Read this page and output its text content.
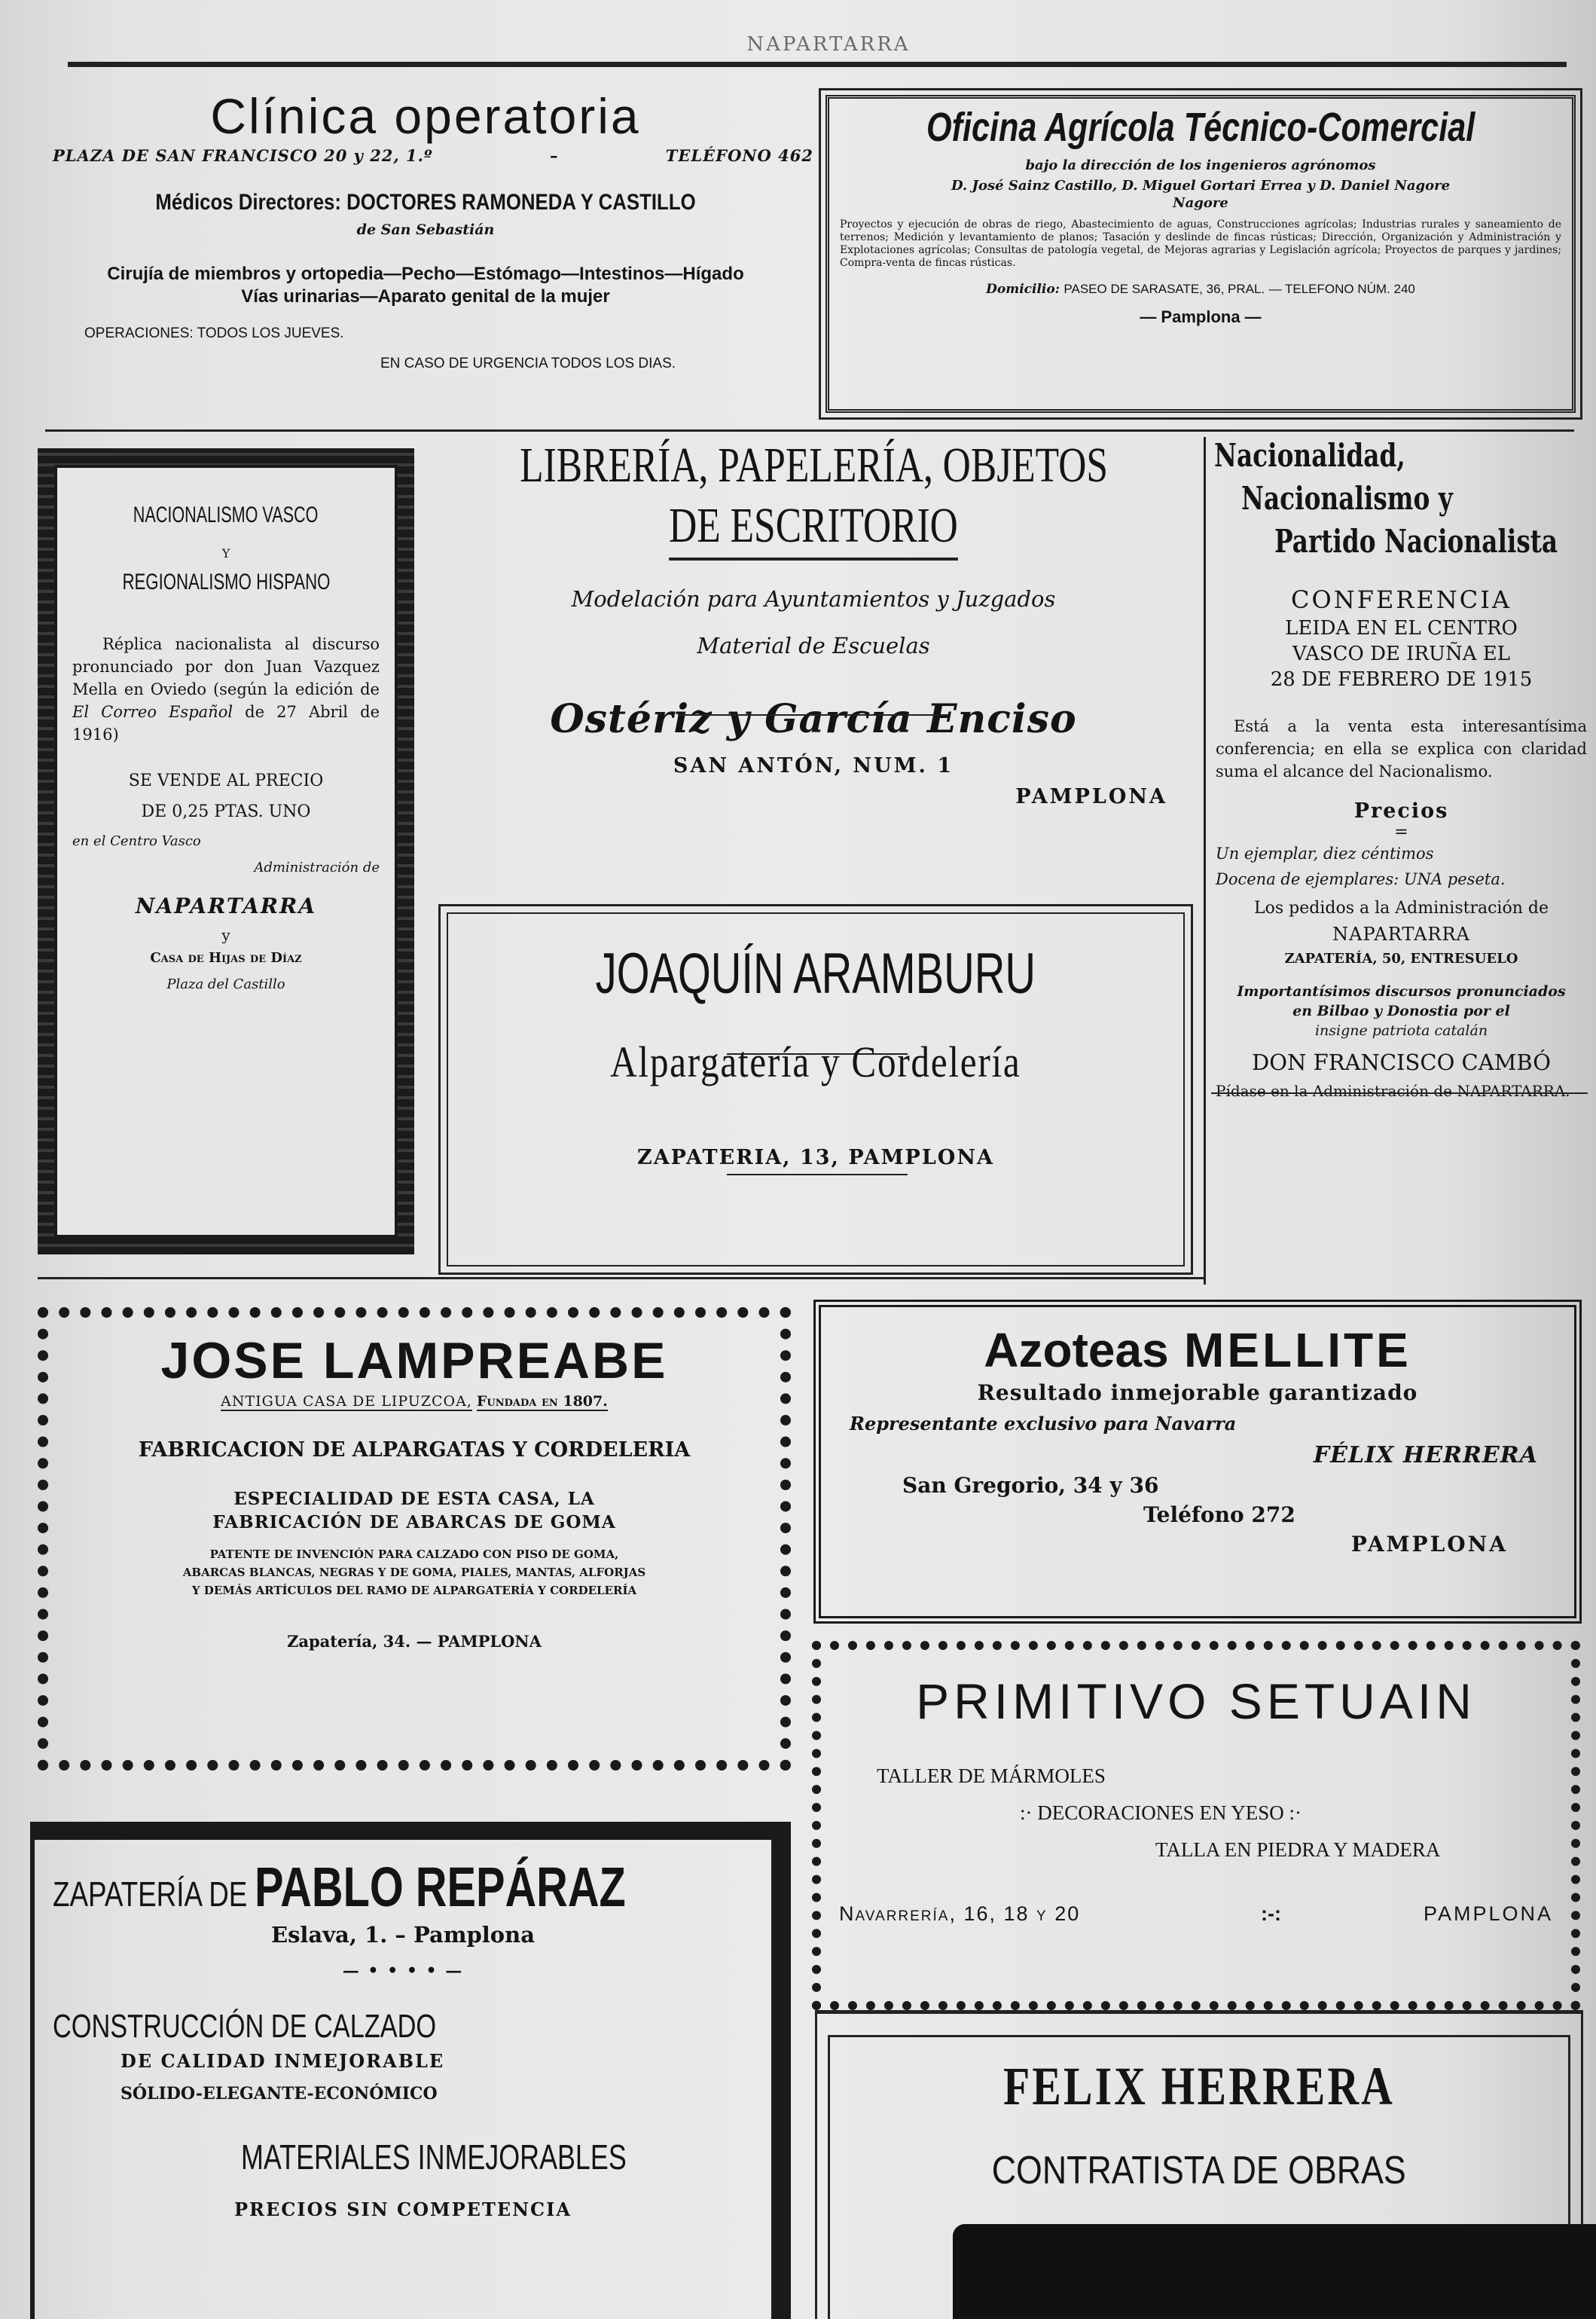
NAPARTARRA
Clínica operatoria
PLAZA DE SAN FRANCISCO 20 y 22, 1.º	–	TELÉFONO 462
Médicos Directores: DOCTORES RAMONEDA Y CASTILLO
de San Sebastián
Cirujía de miembros y ortopedia—Pecho—Estómago—Intestinos—Hígado
Vías urinarias—Aparato genital de la mujer
OPERACIONES: TODOS LOS JUEVES.
EN CASO DE URGENCIA TODOS LOS DIAS.
Oficina Agrícola Técnico-Comercial
bajo la dirección de los ingenieros agrónomos
D. José Sainz Castillo, D. Miguel Gortari Errea y D. Daniel Nagore
Nagore
Proyectos y ejecución de obras de riego, Abastecimiento de aguas, Construcciones agrícolas; Industrias rurales y saneamiento de terrenos; Medición y levantamiento de planos; Tasación y deslinde de fincas rústicas; Dirección, Organización y Administración y Explotaciones agrícolas; Consultas de patología vegetal, de Mejoras agrarias y Legislación agrícola; Proyectos de parques y jardines; Compra-venta de fincas rústicas.
Domicilio: PASEO DE SARASATE, 36, PRAL. — TELEFONO NÚM. 240
— Pamplona —
NACIONALISMO VASCO
Y
REGIONALISMO HISPANO
Réplica nacionalista al discurso pronunciado por don Juan Vazquez Mella en Oviedo (según la edición de El Correo Español de 27 Abril de 1916)
SE VENDE AL PRECIO
DE 0,25 PTAS. UNO
en el Centro Vasco
Administración de
NAPARTARRA
y
Casa de Hijas de Díaz
Plaza del Castillo
LIBRERÍA, PAPELERÍA, OBJETOS
DE ESCRITORIO
Modelación para Ayuntamientos y Juzgados
Material de Escuelas
Ostériz y García Enciso
SAN ANTÓN, NUM. 1
PAMPLONA
JOAQUÍN ARAMBURU
Alpargatería y Cordelería
ZAPATERIA, 13, PAMPLONA
Nacionalidad,
Nacionalismo y
Partido Nacionalista
CONFERENCIA
LEIDA EN EL CENTRO
VASCO DE IRUÑA EL
28 DE FEBRERO DE 1915
Está a la venta esta interesantísima conferencia; en ella se explica con claridad suma el alcance del Nacionalismo.
Precios
=
Un ejemplar, diez céntimos
Docena de ejemplares: UNA peseta.
Los pedidos a la Administración de
NAPARTARRA
ZAPATERÍA, 50, ENTRESUELO
Importantísimos discursos pronunciados
en Bilbao y Donostia por el
insigne patriota catalán
DON FRANCISCO CAMBÓ
Pídase en la Administración de NAPARTARRA.
JOSE LAMPREABE
ANTIGUA CASA DE LIPUZCOA, Fundada en 1807.
FABRICACION DE ALPARGATAS Y CORDELERIA
ESPECIALIDAD DE ESTA CASA, LA
FABRICACIÓN DE ABARCAS DE GOMA
PATENTE DE INVENCIÓN PARA CALZADO CON PISO DE GOMA,
ABARCAS BLANCAS, NEGRAS Y DE GOMA, PIALES, MANTAS, ALFORJAS
Y DEMÁS ARTÍCULOS DEL RAMO DE ALPARGATERÍA Y CORDELERÍA
Zapatería, 34. — PAMPLONA
Azoteas MELLITE
Resultado inmejorable garantizado
Representante exclusivo para Navarra
FÉLIX HERRERA
San Gregorio, 34 y 36
Teléfono 272
PAMPLONA
PRIMITIVO SETUAIN
TALLER DE MÁRMOLES
:· DECORACIONES EN YESO :·
TALLA EN PIEDRA Y MADERA
Navarrería, 16, 18 y 20	:-:	PAMPLONA
ZAPATERÍA DE PABLO REPÁRAZ
Eslava, 1. – Pamplona
— • • • • —
CONSTRUCCIÓN DE CALZADO
DE CALIDAD INMEJORABLE
SÓLIDO-ELEGANTE-ECONÓMICO
MATERIALES INMEJORABLES
PRECIOS SIN COMPETENCIA
FELIX HERRERA
CONTRATISTA DE OBRAS
